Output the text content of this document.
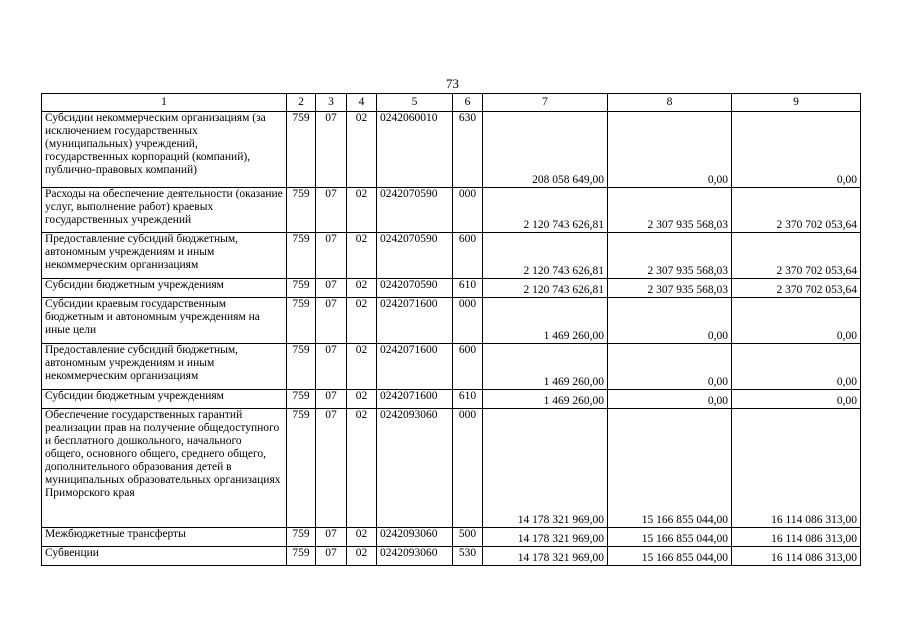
73
1	2	3	4	5	6	7	8	9
Субсидии некоммерческим организациям (за исключением государственных (муниципальных) учреждений, государственных корпораций (компаний), публично-правовых компаний)	759	07	02	0242060010	630	208 058 649,00	0,00	0,00
Расходы на обеспечение деятельности (оказание услуг, выполнение работ) краевых государственных учреждений	759	07	02	0242070590	000	2 120 743 626,81	2 307 935 568,03	2 370 702 053,64
Предоставление субсидий бюджетным, автономным учреждениям и иным некоммерческим организациям	759	07	02	0242070590	600	2 120 743 626,81	2 307 935 568,03	2 370 702 053,64
Субсидии бюджетным учреждениям	759	07	02	0242070590	610	2 120 743 626,81	2 307 935 568,03	2 370 702 053,64
Субсидии краевым государственным бюджетным и автономным учреждениям на иные цели	759	07	02	0242071600	000	1 469 260,00	0,00	0,00
Предоставление субсидий бюджетным, автономным учреждениям и иным некоммерческим организациям	759	07	02	0242071600	600	1 469 260,00	0,00	0,00
Субсидии бюджетным учреждениям	759	07	02	0242071600	610	1 469 260,00	0,00	0,00
Обеспечение государственных гарантий реализации прав на получение общедоступного и бесплатного дошкольного, начального общего, основного общего, среднего общего, дополнительного образования детей в муниципальных образовательных организациях Приморского края	759	07	02	0242093060	000	14 178 321 969,00	15 166 855 044,00	16 114 086 313,00
Межбюджетные трансферты	759	07	02	0242093060	500	14 178 321 969,00	15 166 855 044,00	16 114 086 313,00
Субвенции	759	07	02	0242093060	530	14 178 321 969,00	15 166 855 044,00	16 114 086 313,00
